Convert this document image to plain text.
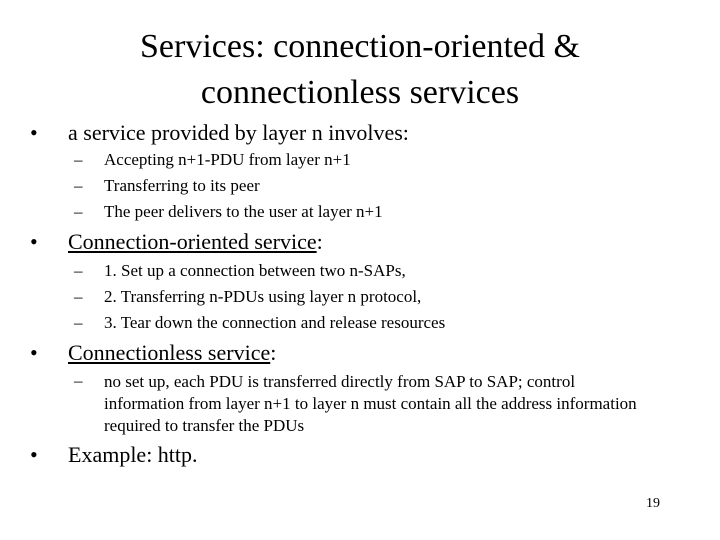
Services: connection-oriented &
connectionless services
• a service provided by layer n involves:
– Accepting n+1-PDU from layer n+1
– Transferring to its peer
– The peer delivers to the user at layer n+1
• Connection-oriented service:
– 1. Set up a connection between two n-SAPs,
– 2. Transferring n-PDUs using layer n protocol,
– 3. Tear down the connection and release resources
• Connectionless service:
– no set up, each PDU is transferred directly from SAP to SAP; control information from layer n+1 to layer n must contain all the address information required to transfer the PDUs
• Example: http.
19
